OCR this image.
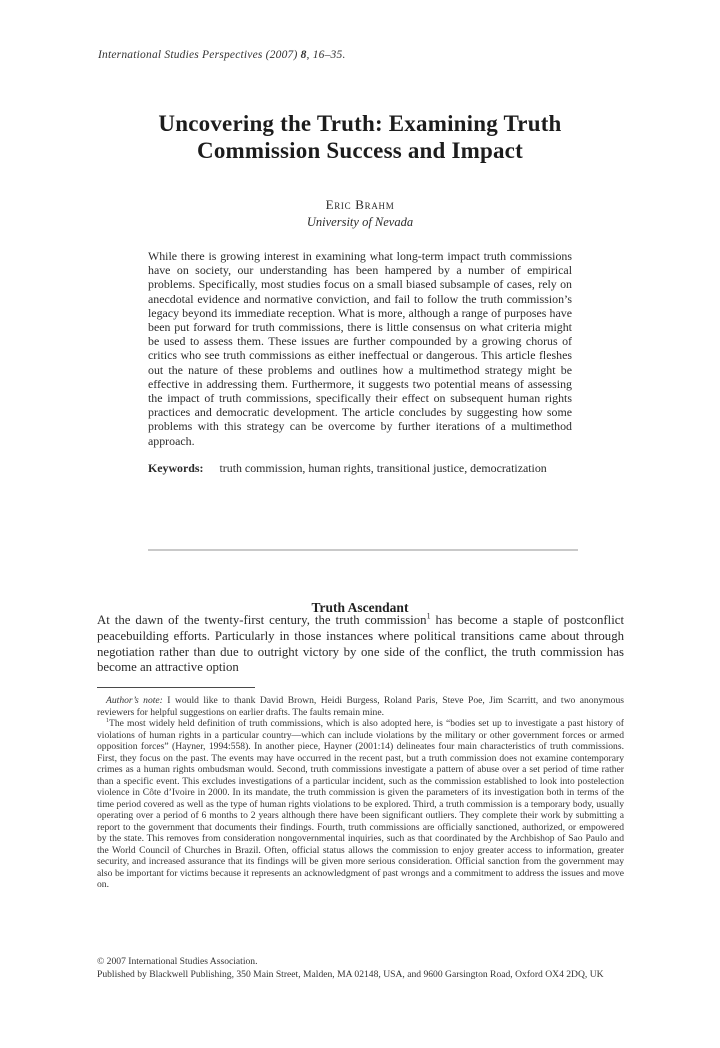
International Studies Perspectives (2007) 8, 16–35.
Uncovering the Truth: Examining Truth
Commission Success and Impact
Eric Brahm
University of Nevada

While there is growing interest in examining what long-term impact truth commissions have on society, our understanding has been hampered by a number of empirical problems. Specifically, most studies focus on a small biased subsample of cases, rely on anecdotal evidence and normative conviction, and fail to follow the truth commission’s legacy beyond its immediate reception. What is more, although a range of purposes have been put forward for truth commissions, there is little consensus on what criteria might be used to assess them. These issues are further compounded by a growing chorus of critics who see truth commissions as either ineffectual or dangerous. This article fleshes out the nature of these problems and outlines how a multimethod strategy might be effective in addressing them. Furthermore, it suggests two potential means of assessing the impact of truth commissions, specifically their effect on subsequent human rights practices and democratic development. The article concludes by suggesting how some problems with this strategy can be overcome by further iterations of a multimethod approach.

Keywords: truth commission, human rights, transitional justice, democratization

Truth Ascendant

At the dawn of the twenty-first century, the truth commission$^1$ has become a staple of postconflict peacebuilding efforts. Particularly in those instances where political transitions came about through negotiation rather than due to outright victory by one side of the conflict, the truth commission has become an attractive option

Author’s note: I would like to thank David Brown, Heidi Burgess, Roland Paris, Steve Poe, Jim Scarritt, and two anonymous reviewers for helpful suggestions on earlier drafts. The faults remain mine.

$^1$The most widely held definition of truth commissions, which is also adopted here, is “bodies set up to investigate a past history of violations of human rights in a particular country—which can include violations by the military or other government forces or armed opposition forces” (Hayner, 1994:558). In another piece, Hayner (2001:14) delineates four main characteristics of truth commissions. First, they focus on the past. The events may have occurred in the recent past, but a truth commission does not examine contemporary crimes as a human rights ombudsman would. Second, truth commissions investigate a pattern of abuse over a set period of time rather than a specific event. This excludes investigations of a particular incident, such as the commission established to look into postelection violence in Côte d’Ivoire in 2000. In its mandate, the truth commission is given the parameters of its investigation both in terms of the time period covered as well as the type of human rights violations to be explored. Third, a truth commission is a temporary body, usually operating over a period of 6 months to 2 years although there have been significant outliers. They complete their work by submitting a report to the government that documents their findings. Fourth, truth commissions are officially sanctioned, authorized, or empowered by the state. This removes from consideration nongovernmental inquiries, such as that coordinated by the Archbishop of Sao Paulo and the World Council of Churches in Brazil. Often, official status allows the commission to enjoy greater access to information, greater security, and increased assurance that its findings will be given more serious consideration. Official sanction from the government may also be important for victims because it represents an acknowledgment of past wrongs and a commitment to address the issues and move on.

© 2007 International Studies Association.

Published by Blackwell Publishing, 350 Main Street, Malden, MA 02148, USA, and 9600 Garsington Road, Oxford OX4 2DQ, UK
